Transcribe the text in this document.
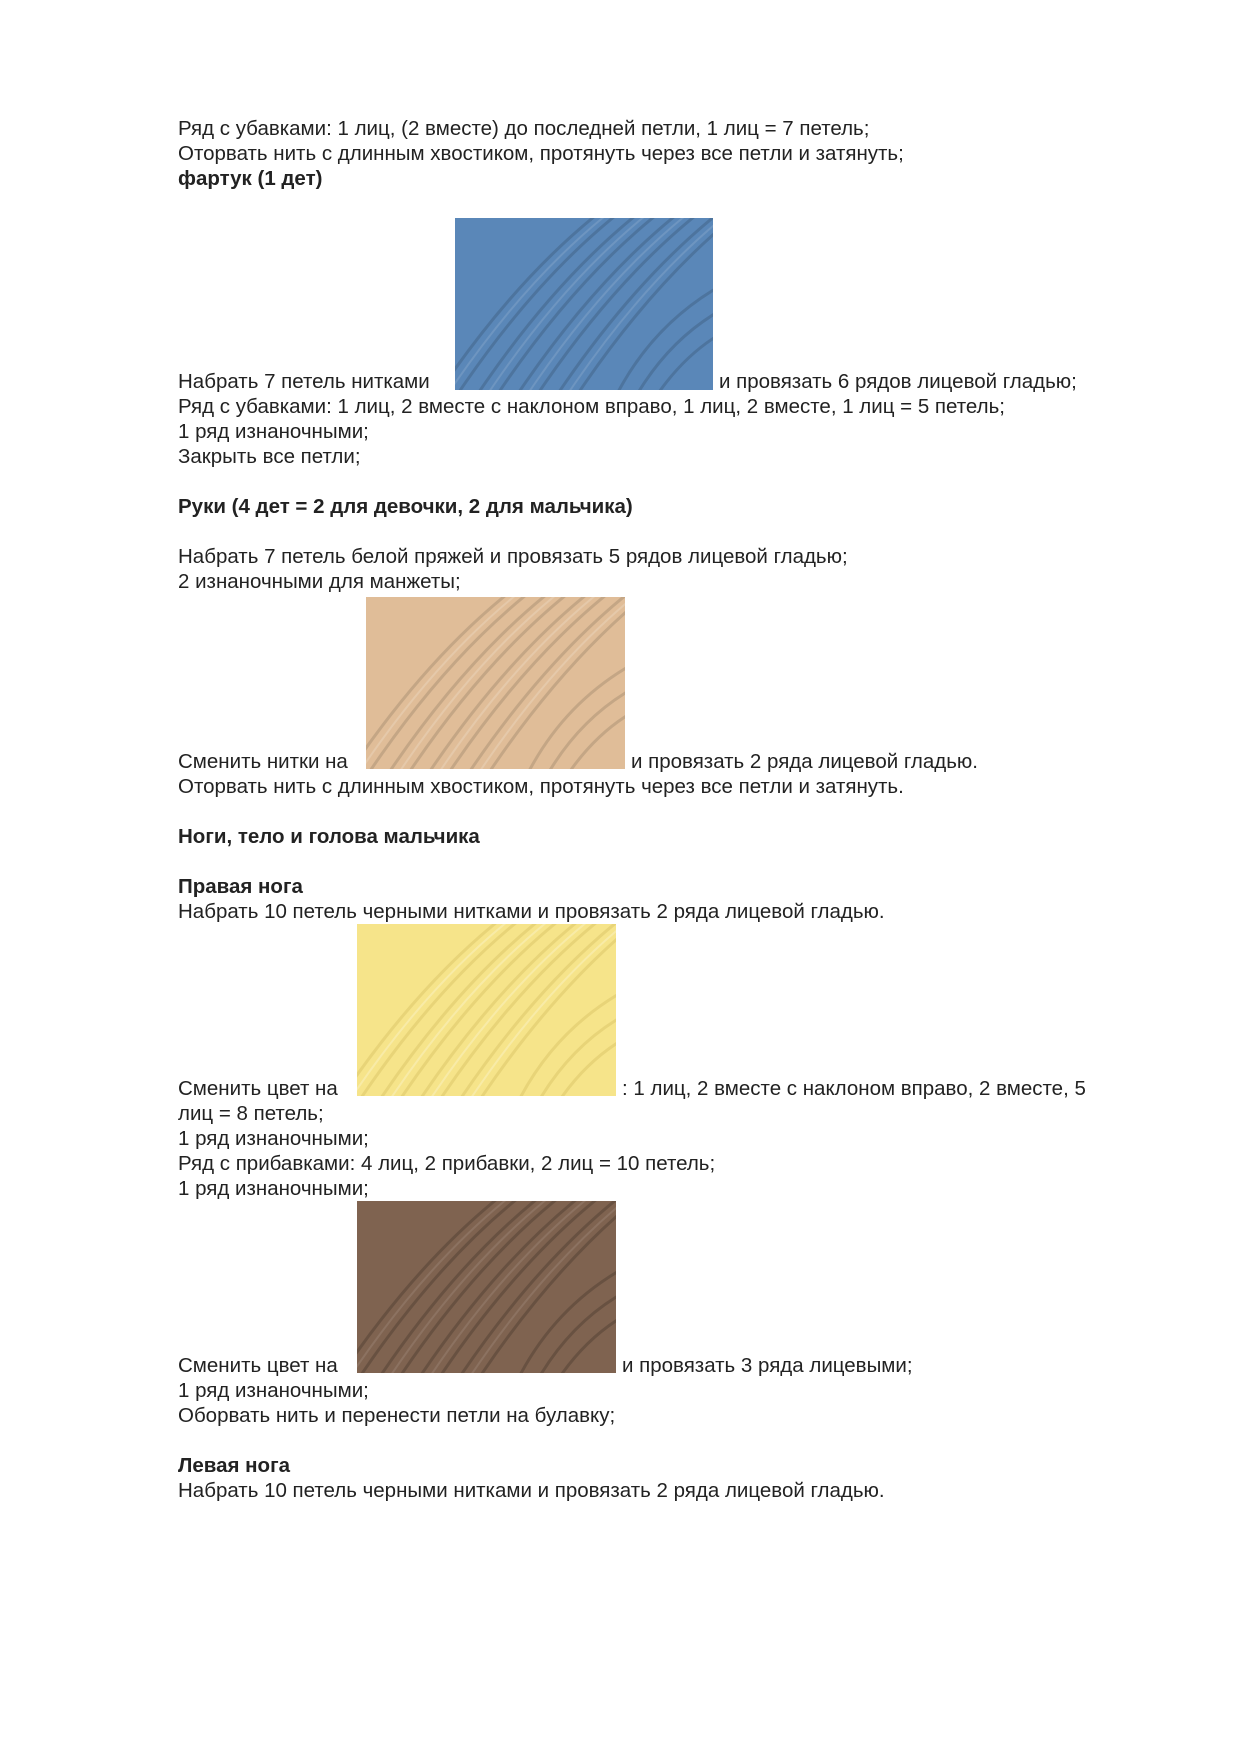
Ряд с убавками: 1 лиц, (2 вместе) до последней петли, 1 лиц = 7 петель;
Оторвать нить с длинным хвостиком, протянуть через все петли и затянуть;
фартук (1 дет)
Набрать 7 петель нитками	и провязать 6 рядов лицевой гладью;
Ряд с убавками: 1 лиц, 2 вместе с наклоном вправо, 1 лиц, 2 вместе, 1 лиц = 5 петель;
1 ряд изнаночными;
Закрыть все петли;
Руки (4 дет = 2 для девочки, 2 для мальчика)
Набрать 7 петель белой пряжей и провязать 5 рядов лицевой гладью;
2 изнаночными для манжеты;
Сменить нитки на	и провязать 2 ряда лицевой гладью.
Оторвать нить с длинным хвостиком, протянуть через все петли и затянуть.
Ноги, тело и голова мальчика
Правая нога
Набрать 10 петель черными нитками и провязать 2 ряда лицевой гладью.
Сменить цвет на	: 1 лиц, 2 вместе с наклоном вправо, 2 вместе, 5
лиц = 8 петель;
1 ряд изнаночными;
Ряд с прибавками: 4 лиц, 2 прибавки, 2 лиц = 10 петель;
1 ряд изнаночными;
Сменить цвет на	и провязать 3 ряда лицевыми;
1 ряд изнаночными;
Оборвать нить и перенести петли на булавку;
Левая нога
Набрать 10 петель черными нитками и провязать 2 ряда лицевой гладью.
